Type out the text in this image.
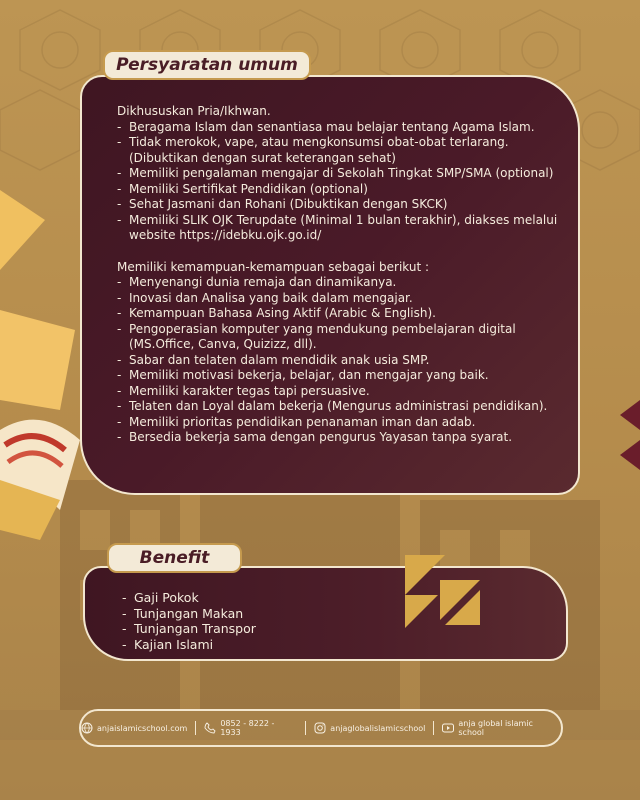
Persyaratan umum

Dikhususkan Pria/Ikhwan.

- Beragama Islam dan senantiasa mau belajar tentang Agama Islam.
- Tidak merokok, vape, atau mengkonsumsi obat-obat terlarang. (Dibuktikan dengan surat keterangan sehat)
- Memiliki pengalaman mengajar di Sekolah Tingkat SMP/SMA (optional)
- Memiliki Sertifikat Pendidikan (optional)
- Sehat Jasmani dan Rohani (Dibuktikan dengan SKCK)
- Memiliki SLIK OJK Terupdate (Minimal 1 bulan terakhir), diakses melalui website https://idebku.ojk.go.id/

Memiliki kemampuan-kemampuan sebagai berikut :

- Menyenangi dunia remaja dan dinamikanya.
- Inovasi dan Analisa yang baik dalam mengajar.
- Kemampuan Bahasa Asing Aktif (Arabic & English).
- Pengoperasian komputer yang mendukung pembelajaran digital (MS.Office, Canva, Quizizz, dll).
- Sabar dan telaten dalam mendidik anak usia SMP.
- Memiliki motivasi bekerja, belajar, dan mengajar yang baik.
- Memiliki karakter tegas tapi persuasive.
- Telaten dan Loyal dalam bekerja (Mengurus administrasi pendidikan).
- Memiliki prioritas pendidikan penanaman iman dan adab.
- Bersedia bekerja sama dengan pengurus Yayasan tanpa syarat.
Benefit
- Gaji Pokok
- Tunjangan Makan
- Tunjangan Transpor
- Kajian Islami
anjaislamicschool.com	0852 - 8222 - 1933	anjaglobalislamicschool	anja global islamic school
